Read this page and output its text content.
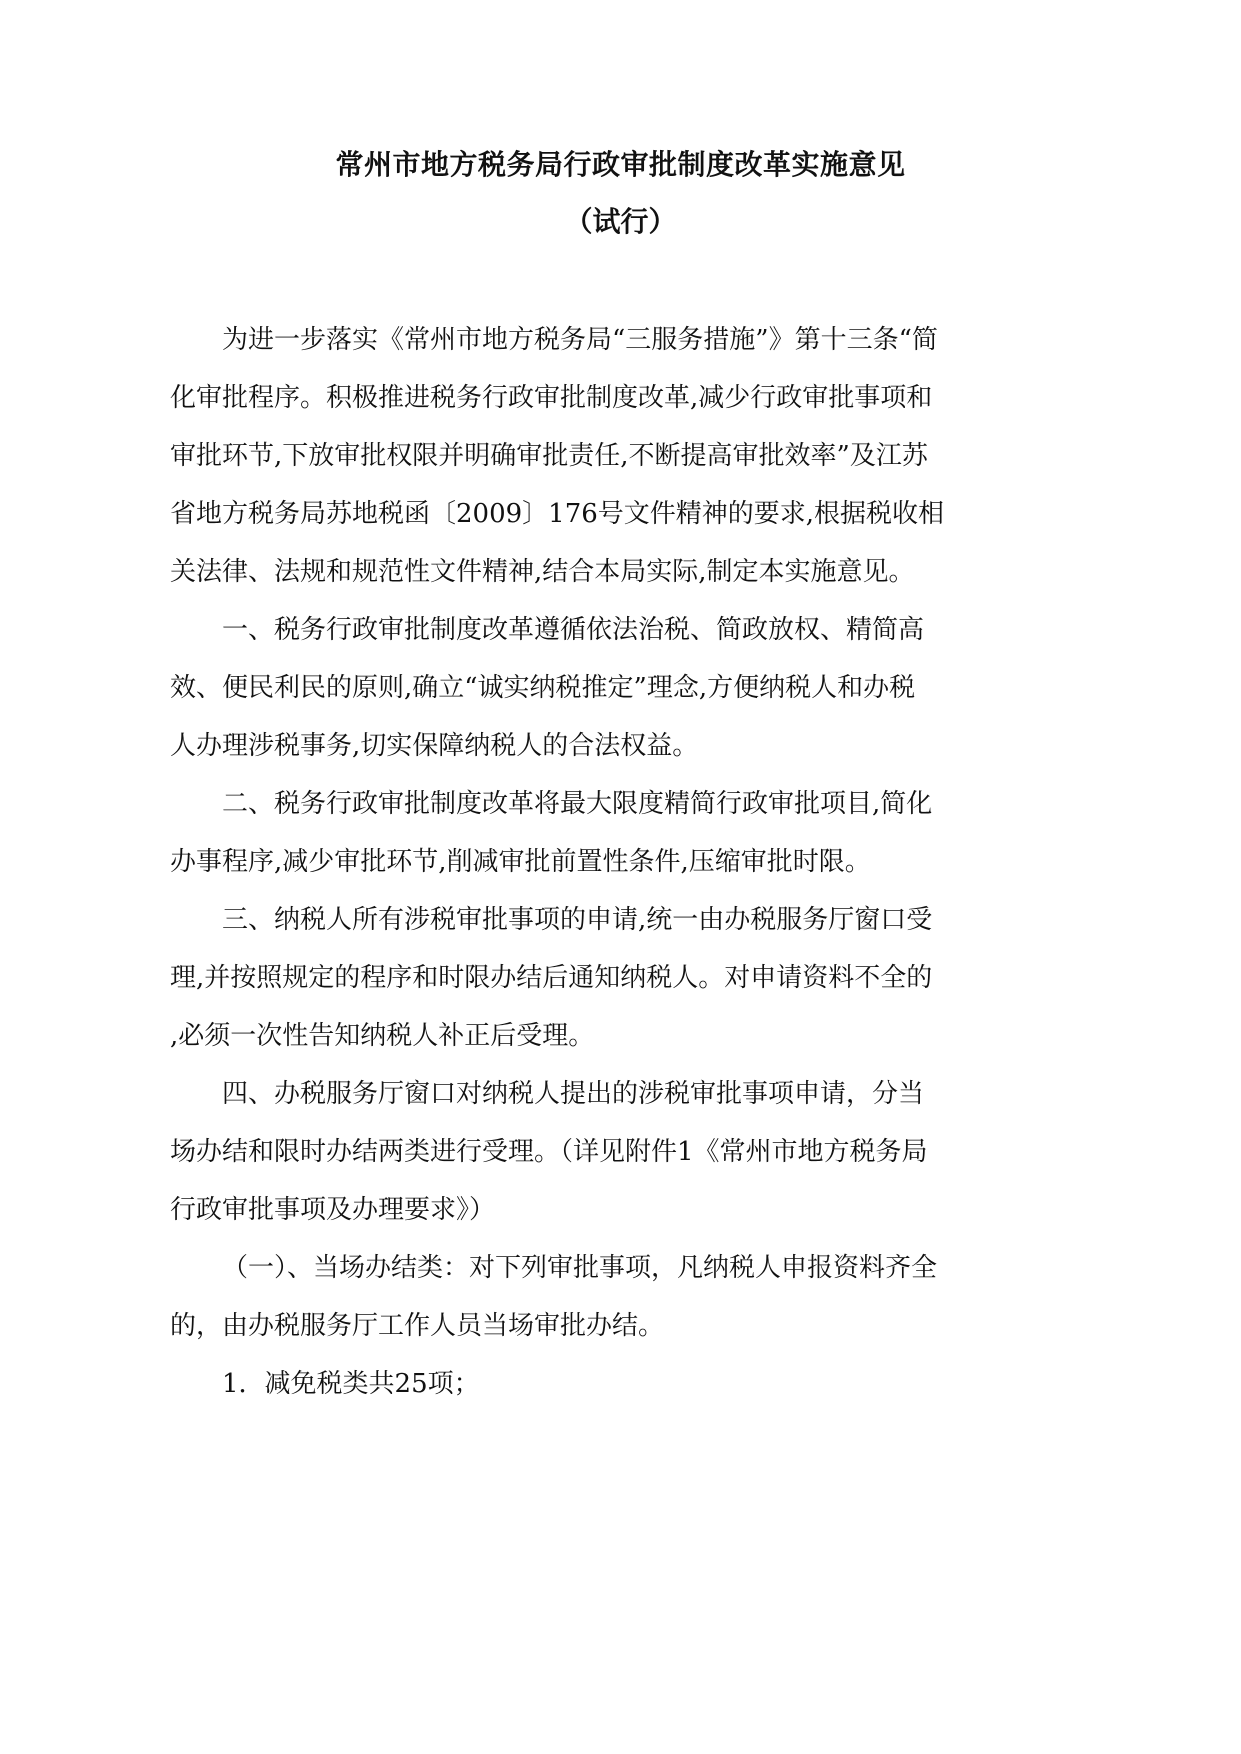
常州市地方税务局行政审批制度改革实施意见
（试行）
为进一步落实《常州市地方税务局“三服务措施”》第十三条“简
化审批程序。积极推进税务行政审批制度改革,减少行政审批事项和
审批环节,下放审批权限并明确审批责任,不断提高审批效率”及江苏
省地方税务局苏地税函〔2009〕176号文件精神的要求,根据税收相
关法律、法规和规范性文件精神,结合本局实际,制定本实施意见。
一、税务行政审批制度改革遵循依法治税、简政放权、精简高
效、便民利民的原则,确立“诚实纳税推定”理念,方便纳税人和办税
人办理涉税事务,切实保障纳税人的合法权益。
二、税务行政审批制度改革将最大限度精简行政审批项目,简化
办事程序,减少审批环节,削减审批前置性条件,压缩审批时限。
三、纳税人所有涉税审批事项的申请,统一由办税服务厅窗口受
理,并按照规定的程序和时限办结后通知纳税人。对申请资料不全的
,必须一次性告知纳税人补正后受理。
四、办税服务厅窗口对纳税人提出的涉税审批事项申请，分当
场办结和限时办结两类进行受理。（详见附件1《常州市地方税务局
行政审批事项及办理要求》）
（一）、当场办结类：对下列审批事项，凡纳税人申报资料齐全
的，由办税服务厅工作人员当场审批办结。
1．减免税类共25项；
